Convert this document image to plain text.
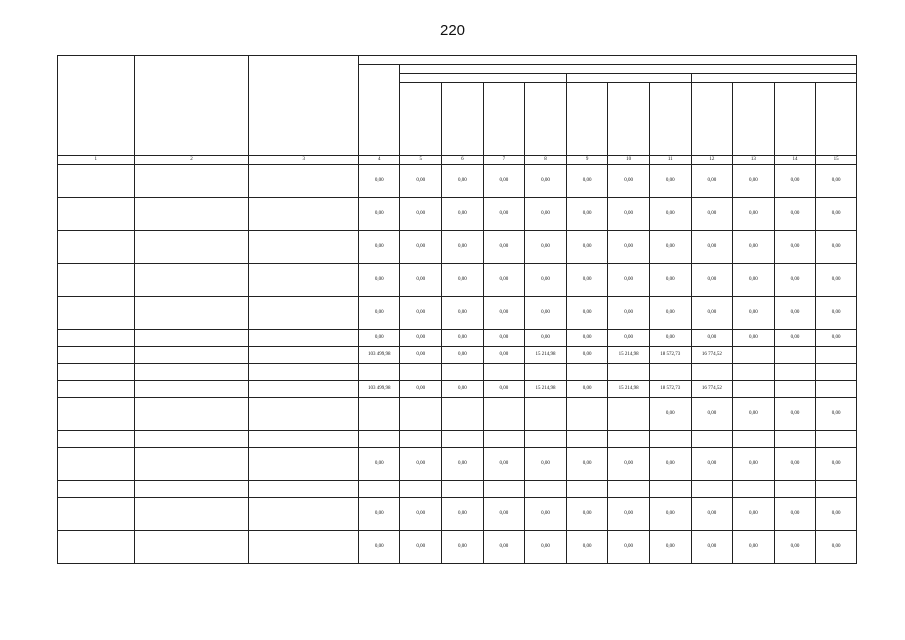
220

1	2	3	4	5	6	7	8	9	10	11	12	13	14	15
			0,00	0,00	0,00	0,00	0,00	0,00	0,00	0,00	0,00	0,00	0,00	0,00
			0,00	0,00	0,00	0,00	0,00	0,00	0,00	0,00	0,00	0,00	0,00	0,00
			0,00	0,00	0,00	0,00	0,00	0,00	0,00	0,00	0,00	0,00	0,00	0,00
			0,00	0,00	0,00	0,00	0,00	0,00	0,00	0,00	0,00	0,00	0,00	0,00
			0,00	0,00	0,00	0,00	0,00	0,00	0,00	0,00	0,00	0,00	0,00	0,00
			0,00	0,00	0,00	0,00	0,00	0,00	0,00	0,00	0,00	0,00	0,00	0,00
			103 499,98	0,00	0,00	0,00	15 214,98	0,00	15 214,98	18 572,73	16 774,52			

			103 499,98	0,00	0,00	0,00	15 214,98	0,00	15 214,98	18 572,73	16 774,52			
										0,00	0,00	0,00	0,00	0,00

			0,00	0,00	0,00	0,00	0,00	0,00	0,00	0,00	0,00	0,00	0,00	0,00

			0,00	0,00	0,00	0,00	0,00	0,00	0,00	0,00	0,00	0,00	0,00	0,00
			0,00	0,00	0,00	0,00	0,00	0,00	0,00	0,00	0,00	0,00	0,00	0,00
